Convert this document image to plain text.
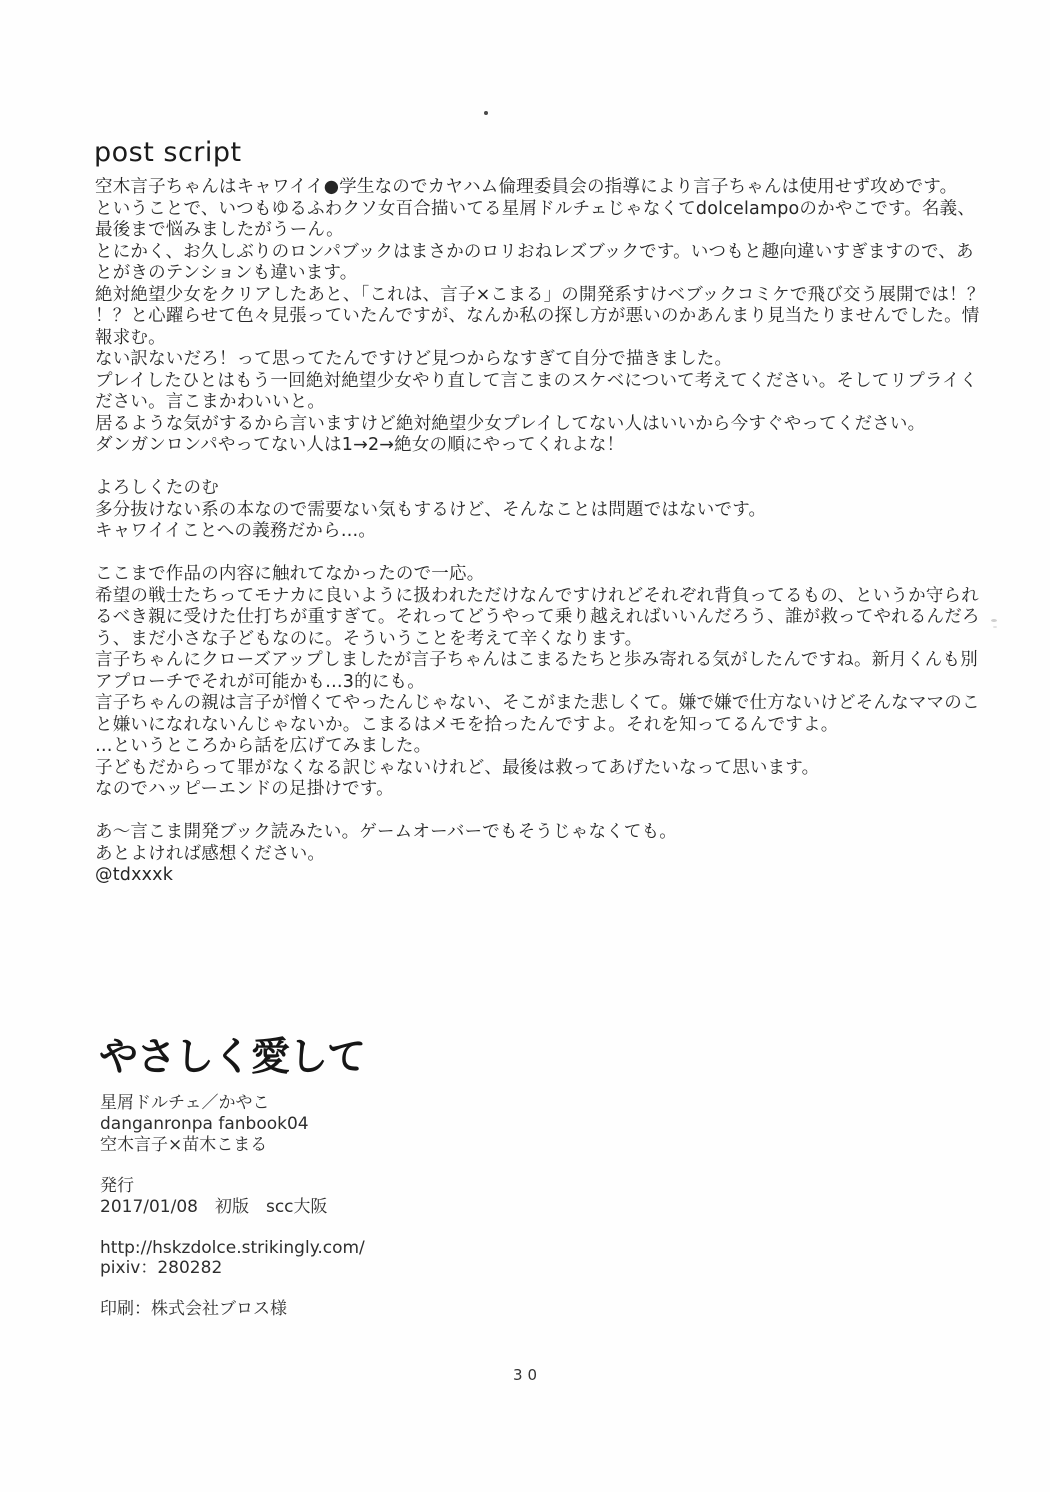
post script
空木言子ちゃんはキャワイイ●学生なのでカヤハム倫理委員会の指導により言子ちゃんは使用せず攻めです。
ということで、いつもゆるふわクソ女百合描いてる星屑ドルチェじゃなくてdolcelampoのかやこです。名義、
最後まで悩みましたがうーん。
とにかく、お久しぶりのロンパブックはまさかのロリおねレズブックです。いつもと趣向違いすぎますので、あ
とがきのテンションも違います。
絶対絶望少女をクリアしたあと、「これは、言子×こまる」の開発系すけベブックコミケで飛び交う展開では！？
！？と心躍らせて色々見張っていたんですが、なんか私の探し方が悪いのかあんまり見当たりませんでした。情
報求む。
ない訳ないだろ！って思ってたんですけど見つからなすぎて自分で描きました。
プレイしたひとはもう一回絶対絶望少女やり直して言こまのスケベについて考えてください。そしてリプライく
ださい。言こまかわいいと。
居るような気がするから言いますけど絶対絶望少女プレイしてない人はいいから今すぐやってください。
ダンガンロンパやってない人は1→2→絶女の順にやってくれよな！
よろしくたのむ
多分抜けない系の本なので需要ない気もするけど、そんなことは問題ではないです。
キャワイイことへの義務だから…。
ここまで作品の内容に触れてなかったので一応。
希望の戦士たちってモナカに良いように扱われただけなんですけれどそれぞれ背負ってるもの、というか守られ
るべき親に受けた仕打ちが重すぎて。それってどうやって乗り越えればいいんだろう、誰が救ってやれるんだろ
う、まだ小さな子どもなのに。そういうことを考えて辛くなります。
言子ちゃんにクローズアップしましたが言子ちゃんはこまるたちと歩み寄れる気がしたんですね。新月くんも別
アプローチでそれが可能かも…3的にも。
言子ちゃんの親は言子が憎くてやったんじゃない、そこがまた悲しくて。嫌で嫌で仕方ないけどそんなママのこ
と嫌いになれないんじゃないか。こまるはメモを拾ったんですよ。それを知ってるんですよ。
…というところから話を広げてみました。
子どもだからって罪がなくなる訳じゃないけれど、最後は救ってあげたいなって思います。
なのでハッピーエンドの足掛けです。
あ～言こま開発ブック読みたい。ゲームオーバーでもそうじゃなくても。
あとよければ感想ください。
@tdxxxk
やさしく愛して
星屑ドルチェ／かやこ
danganronpa fanbook04
空木言子×苗木こまる
発行
2017/01/08　初版　scc大阪
http://hskzdolce.strikingly.com/
pixiv：280282
印刷：株式会社ブロス様
30
